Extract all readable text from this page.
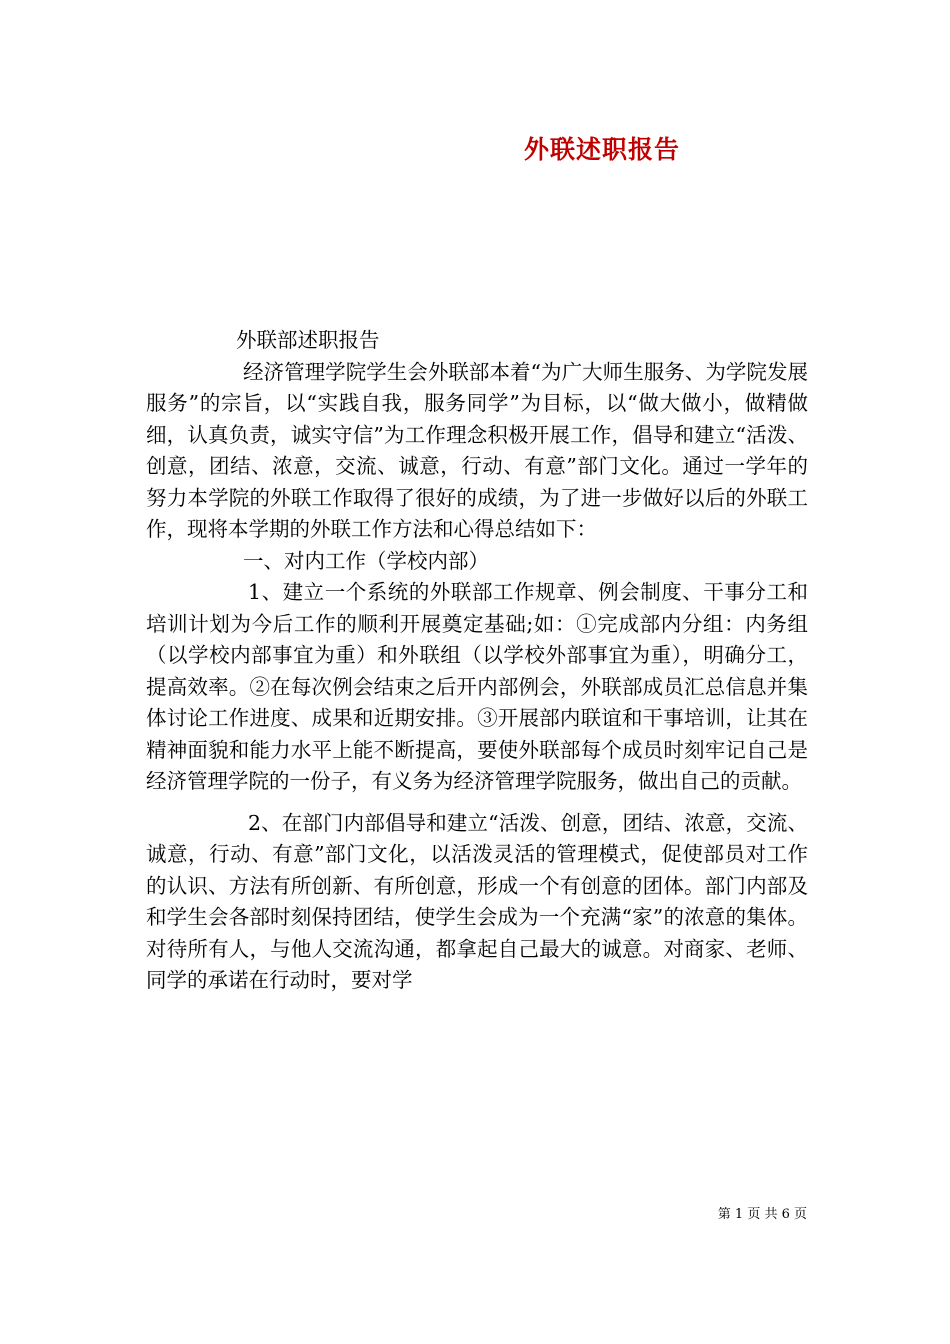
外联述职报告

外联部述职报告

经济管理学院学生会外联部本着“为广大师生服务、为学院发展服务”的宗旨，以“实践自我，服务同学”为目标，以“做大做小，做精做细，认真负责，诚实守信”为工作理念积极开展工作，倡导和建立“活泼、创意，团结、浓意，交流、诚意，行动、有意”部门文化。通过一学年的努力本学院的外联工作取得了很好的成绩，为了进一步做好以后的外联工作，现将本学期的外联工作方法和心得总结如下：

一、对内工作（学校内部）

1、建立一个系统的外联部工作规章、例会制度、干事分工和培训计划为今后工作的顺利开展奠定基础;如：①完成部内分组：内务组（以学校内部事宜为重）和外联组（以学校外部事宜为重），明确分工，提高效率。②在每次例会结束之后开内部例会，外联部成员汇总信息并集体讨论工作进度、成果和近期安排。③开展部内联谊和干事培训，让其在精神面貌和能力水平上能不断提高，要使外联部每个成员时刻牢记自己是经济管理学院的一份子，有义务为经济管理学院服务，做出自己的贡献。

2、在部门内部倡导和建立“活泼、创意，团结、浓意，交流、诚意，行动、有意”部门文化，以活泼灵活的管理模式，促使部员对工作的认识、方法有所创新、有所创意，形成一个有创意的团体。部门内部及和学生会各部时刻保持团结，使学生会成为一个充满“家”的浓意的集体。对待所有人，与他人交流沟通，都拿起自己最大的诚意。对商家、老师、同学的承诺在行动时，要对学

第 1 页 共 6 页
